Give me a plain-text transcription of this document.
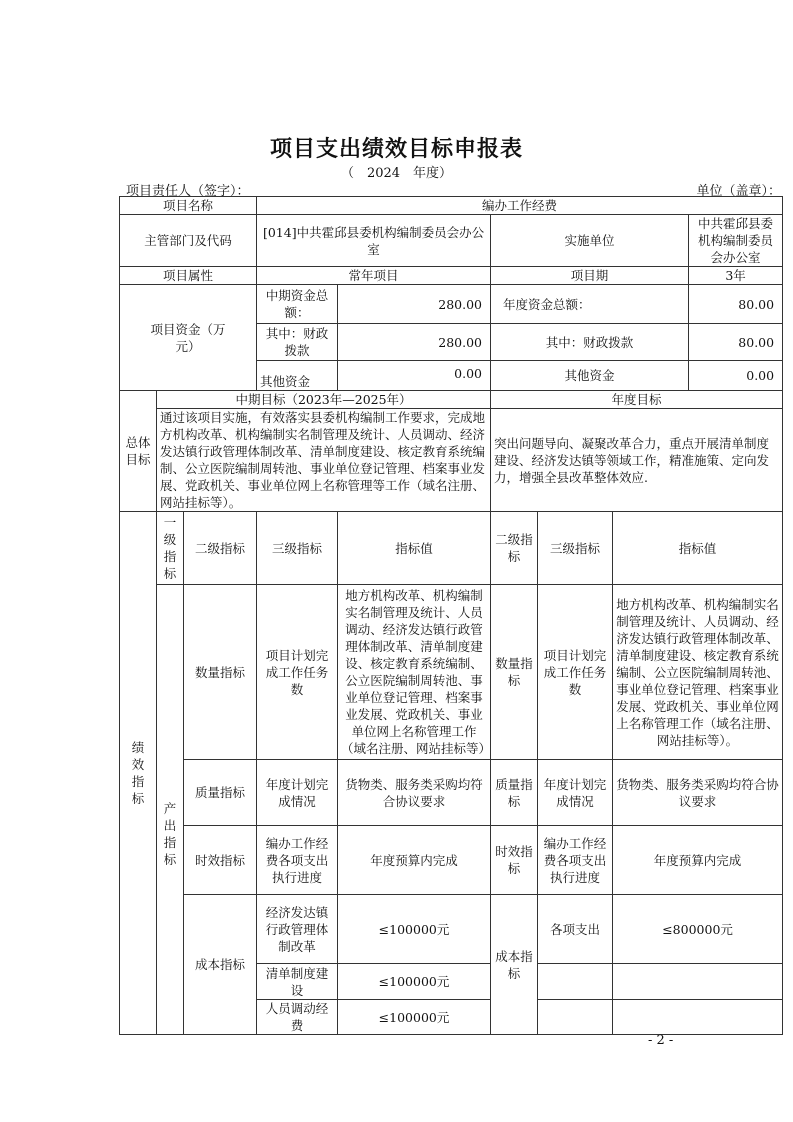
项目支出绩效目标申报表
（　2024　年度）
项目责任人（签字）：	单位（盖章）：
项目名称			编办工作经费					
主管部门及代码			[014]中共霍邱县委机构编制委员会办公室		实施单位			中共霍邱县委机构编制委员会办公室
项目属性			常年项目		项目期			3年
项目资金（万元）			中期资金总额：	280.00	年度资金总额：			80.00
			其中：财政拨款	280.00	其中：财政拨款			80.00
			其他资金	0.00	其他资金			0.00
总体目标	中期目标（2023年—2025年）				年度目标			
	通过该项目实施，有效落实县委机构编制工作要求，完成地方机构改革、机构编制实名制管理及统计、人员调动、经济发达镇行政管理体制改革、清单制度建设、核定教育系统编制、公立医院编制周转池、事业单位登记管理、档案事业发展、党政机关、事业单位网上名称管理等工作（域名注册、网站挂标等）。				突出问题导向、凝聚改革合力，重点开展清单制度建设、经济发达镇等领域工作，精准施策、定向发力，增强全县改革整体效应.			
绩效指标	一级指标	二级指标	三级指标	指标值	二级指标	三级指标	指标值	
	产出指标	数量指标	项目计划完成工作任务数	地方机构改革、机构编制实名制管理及统计、人员调动、经济发达镇行政管理体制改革、清单制度建设、核定教育系统编制、公立医院编制周转池、事业单位登记管理、档案事业发展、党政机关、事业单位网上名称管理工作（域名注册、网站挂标等）	数量指标	项目计划完成工作任务数	地方机构改革、机构编制实名制管理及统计、人员调动、经济发达镇行政管理体制改革、清单制度建设、核定教育系统编制、公立医院编制周转池、事业单位登记管理、档案事业发展、党政机关、事业单位网上名称管理工作（域名注册、网站挂标等）。	
		质量指标	年度计划完成情况	货物类、服务类采购均符合协议要求	质量指标	年度计划完成情况	货物类、服务类采购均符合协议要求	
		时效指标	编办工作经费各项支出执行进度	年度预算内完成	时效指标	编办工作经费各项支出执行进度	年度预算内完成	
		成本指标	经济发达镇行政管理体制改革	≤100000元	成本指标	各项支出	≤800000元	
			清单制度建设	≤100000元				
			人员调动经费	≤100000元				
- 2 -
